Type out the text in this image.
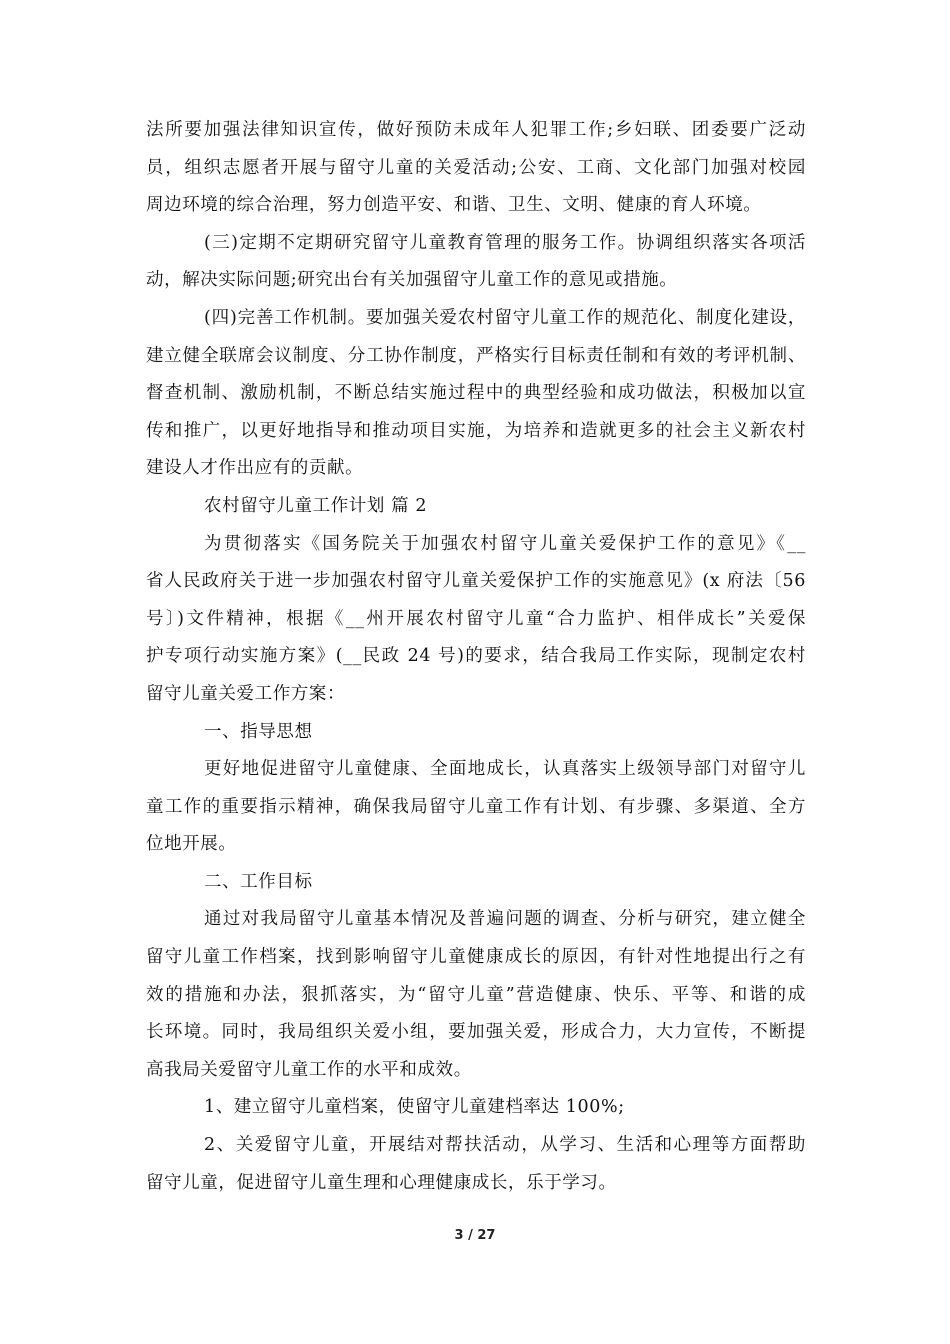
法所要加强法律知识宣传，做好预防未成年人犯罪工作;乡妇联、团委要广泛动
员，组织志愿者开展与留守儿童的关爱活动;公安、工商、文化部门加强对校园
周边环境的综合治理，努力创造平安、和谐、卫生、文明、健康的育人环境。
(三)定期不定期研究留守儿童教育管理的服务工作。协调组织落实各项活
动，解决实际问题;研究出台有关加强留守儿童工作的意见或措施。
(四)完善工作机制。要加强关爱农村留守儿童工作的规范化、制度化建设，
建立健全联席会议制度、分工协作制度，严格实行目标责任制和有效的考评机制、
督查机制、激励机制，不断总结实施过程中的典型经验和成功做法，积极加以宣
传和推广，以更好地指导和推动项目实施，为培养和造就更多的社会主义新农村
建设人才作出应有的贡献。
农村留守儿童工作计划 篇 2
为贯彻落实《国务院关于加强农村留守儿童关爱保护工作的意见》《__
省人民政府关于进一步加强农村留守儿童关爱保护工作的实施意见》(x 府法〔56
号〕)文件精神，根据《__州开展农村留守儿童“合力监护、相伴成长”关爱保
护专项行动实施方案》(__民政 24 号)的要求，结合我局工作实际，现制定农村
留守儿童关爱工作方案：
一、指导思想
更好地促进留守儿童健康、全面地成长，认真落实上级领导部门对留守儿
童工作的重要指示精神，确保我局留守儿童工作有计划、有步骤、多渠道、全方
位地开展。
二、工作目标
通过对我局留守儿童基本情况及普遍问题的调查、分析与研究，建立健全
留守儿童工作档案，找到影响留守儿童健康成长的原因，有针对性地提出行之有
效的措施和办法，狠抓落实，为“留守儿童”营造健康、快乐、平等、和谐的成
长环境。同时，我局组织关爱小组，要加强关爱，形成合力，大力宣传，不断提
高我局关爱留守儿童工作的水平和成效。
1、建立留守儿童档案，使留守儿童建档率达 100%;
2、关爱留守儿童，开展结对帮扶活动，从学习、生活和心理等方面帮助
留守儿童，促进留守儿童生理和心理健康成长，乐于学习。
3 / 27
